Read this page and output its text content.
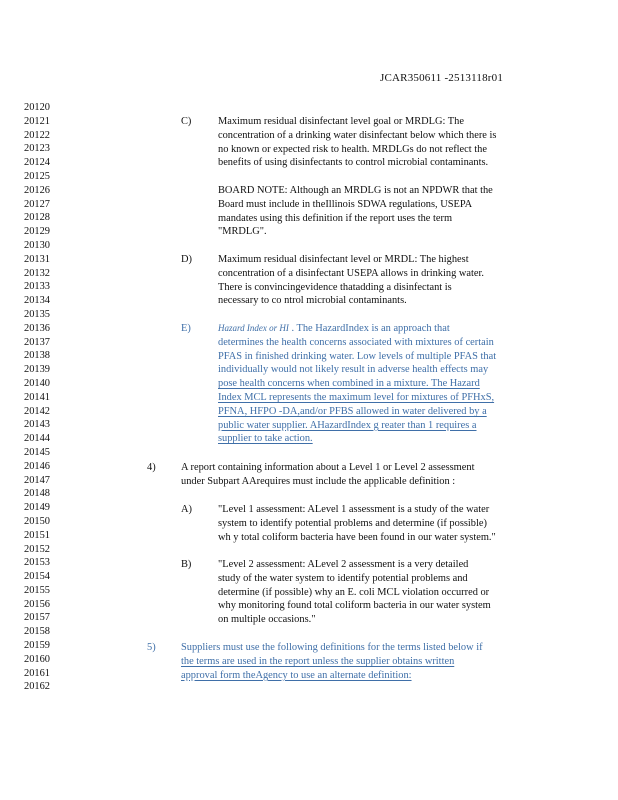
JCAR350611 -2513118r01
20120
20121
20122
20123
20124
20125
20126
20127
20128
20129
20130
20131
20132
20133
20134
20135
20136
20137
20138
20139
20140
20141
20142
20143
20144
20145
20146
20147
20148
20149
20150
20151
20152
20153
20154
20155
20156
20157
20158
20159
20160
20161
20162
C)	Maximum residual disinfectant level goal or MRDLG: The
concentration of a drinking water disinfectant below which there is
no known or expected risk to health. MRDLGs do not reflect the
benefits of using disinfectants to control microbial contaminants.
BOARD NOTE: Although an MRDLG is not an NPDWR that the
Board must include in theIllinois SDWA regulations, USEPA
mandates using this definition if the report uses the term
"MRDLG".
D)	Maximum residual disinfectant level or MRDL: The highest
concentration of a disinfectant USEPA allows in drinking water.
There is convincingevidence thatadding a disinfectant is
necessary to co ntrol microbial contaminants.
E)	Hazard Index or HI . The HazardIndex is an approach that
determines the health concerns associated with mixtures of certain
PFAS in finished drinking water. Low levels of multiple PFAS that
individually would not likely result in adverse health effects may
pose health concerns when combined in a mixture. The Hazard
Index MCL represents the maximum level for mixtures of PFHxS,
PFNA, HFPO -DA,and/or PFBS allowed in water delivered by a
public water supplier. AHazardIndex g reater than 1 requires a
supplier to take action.
4) A report containing information about a Level 1 or Level 2 assessment
under Subpart AArequires must include the applicable definition :
A)	"Level 1 assessment: ALevel 1 assessment is a study of the water
system to identify potential problems and determine (if possible)
wh y total coliform bacteria have been found in our water system."
B)	"Level 2 assessment: ALevel 2 assessment is a very detailed
study of the water system to identify potential problems and
determine (if possible) why an E. coli MCL violation occurred or
why monitoring found total coliform bacteria in our water system
on multiple occasions."
5) Suppliers must use the following definitions for the terms listed below if
the terms are used in the report unless the supplier obtains written
approval form theAgency to use an alternate definition:
